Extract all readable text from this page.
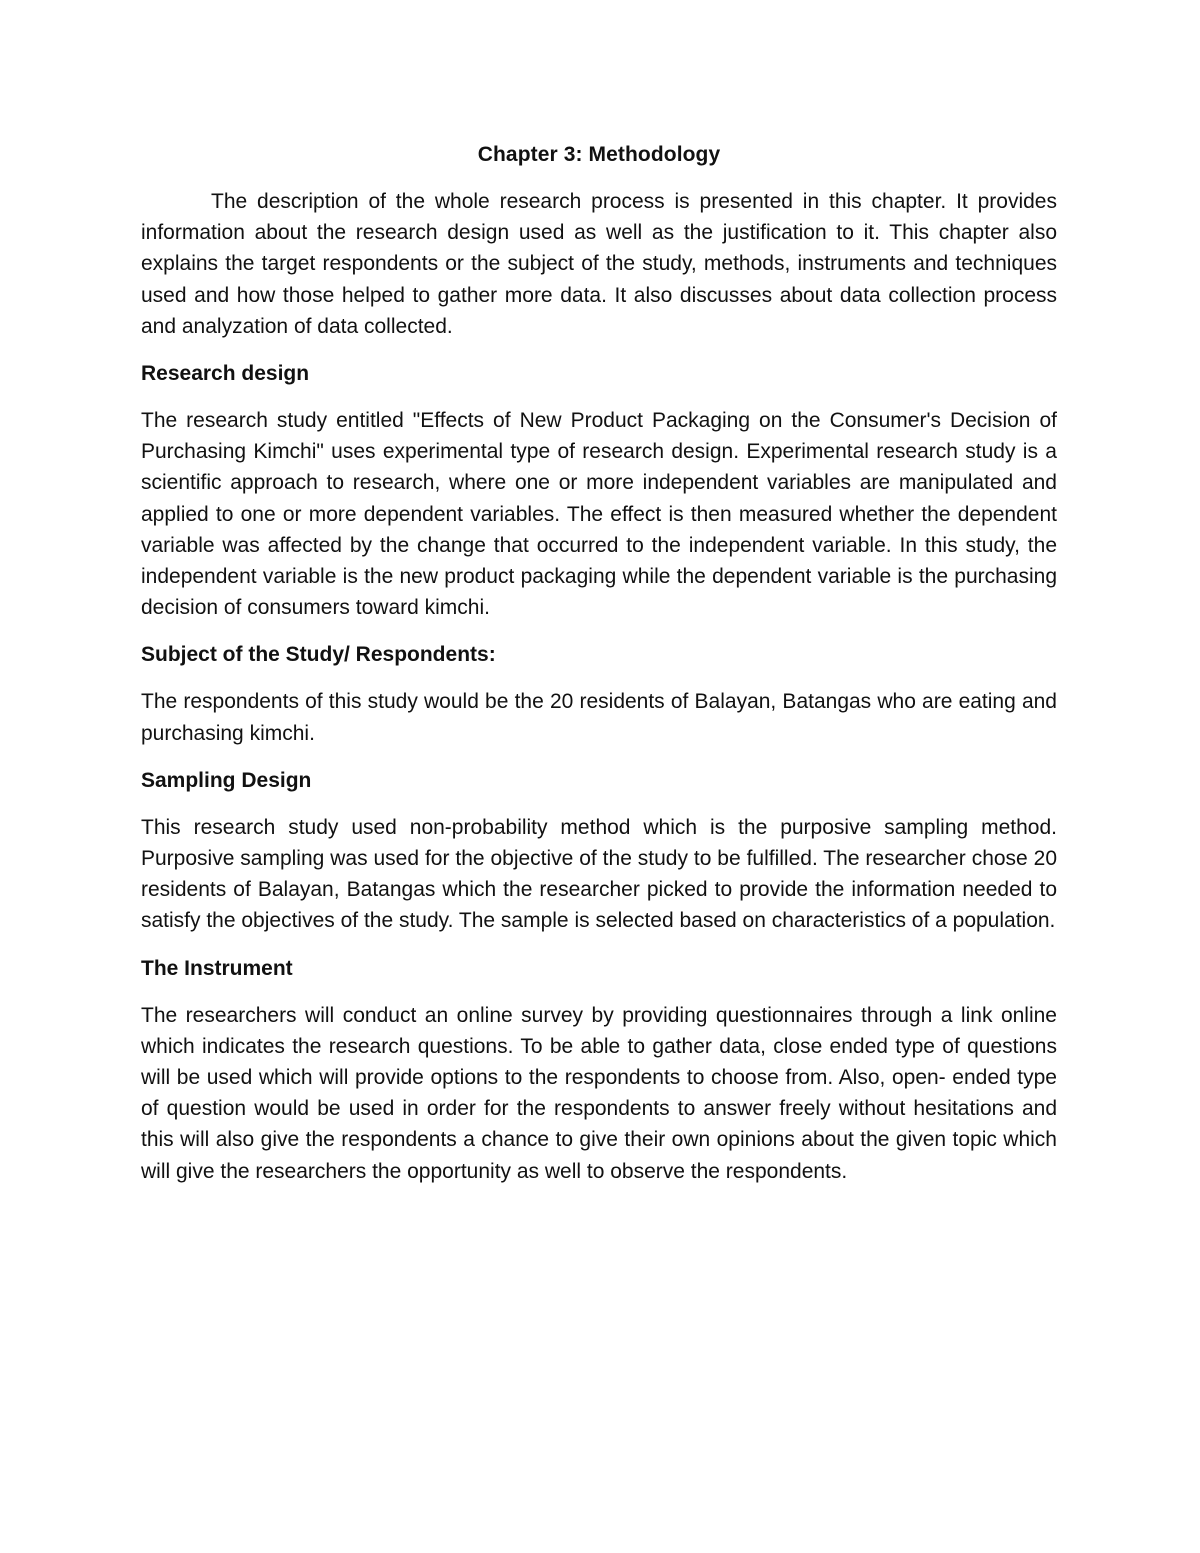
Chapter 3: Methodology

The description of the whole research process is presented in this chapter. It provides information about the research design used as well as the justification to it. This chapter also explains the target respondents or the subject of the study, methods, instruments and techniques used and how those helped to gather more data. It also discusses about data collection process and analyzation of data collected.

Research design

The research study entitled "Effects of New Product Packaging on the Consumer's Decision of Purchasing Kimchi" uses experimental type of research design. Experimental research study is a scientific approach to research, where one or more independent variables are manipulated and applied to one or more dependent variables. The effect is then measured whether the dependent variable was affected by the change that occurred to the independent variable. In this study, the independent variable is the new product packaging while the dependent variable is the purchasing decision of consumers toward kimchi.

Subject of the Study/ Respondents:

The respondents of this study would be the 20 residents of Balayan, Batangas who are eating and purchasing kimchi.

Sampling Design

This research study used non-probability method which is the purposive sampling method. Purposive sampling was used for the objective of the study to be fulfilled. The researcher chose 20 residents of Balayan, Batangas which the researcher picked to provide the information needed to satisfy the objectives of the study. The sample is selected based on characteristics of a population.

The Instrument

The researchers will conduct an online survey by providing questionnaires through a link online which indicates the research questions. To be able to gather data, close ended type of questions will be used which will provide options to the respondents to choose from. Also, open- ended type of question would be used in order for the respondents to answer freely without hesitations and this will also give the respondents a chance to give their own opinions about the given topic which will give the researchers the opportunity as well to observe the respondents.
